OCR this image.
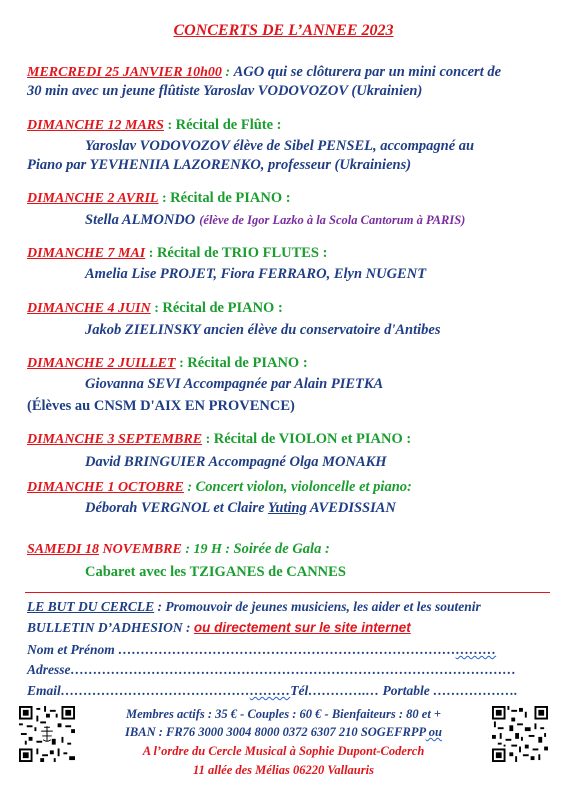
CONCERTS DE L’ANNEE 2023
MERCREDI 25 JANVIER 10h00 : AGO qui se clôturera par un mini concert de
30 min avec un jeune flûtiste Yaroslav VODOVOZOV (Ukrainien)
DIMANCHE 12 MARS : Récital de Flûte :
Yaroslav VODOVOZOV élève de Sibel PENSEL, accompagné au
Piano par YEVHENIIA LAZORENKO, professeur (Ukrainiens)
DIMANCHE 2 AVRIL : Récital de PIANO :
Stella ALMONDO (élève de Igor Lazko à la Scola Cantorum à PARIS)
DIMANCHE 7 MAI : Récital de TRIO FLUTES :
Amelia Lise PROJET, Fiora FERRARO, Elyn NUGENT
DIMANCHE 4 JUIN : Récital de PIANO :
Jakob ZIELINSKY ancien élève du conservatoire d'Antibes
DIMANCHE 2 JUILLET : Récital de PIANO :
Giovanna SEVI Accompagnée par Alain PIETKA
(Élèves au CNSM D'AIX EN PROVENCE)
DIMANCHE 3 SEPTEMBRE : Récital de VIOLON et PIANO :
David BRINGUIER Accompagné Olga MONAKH
DIMANCHE 1 OCTOBRE : Concert violon, violoncelle et piano:
Déborah VERGNOL et Claire Yuting AVEDISSIAN
SAMEDI 18 NOVEMBRE : 19 H : Soirée de Gala :
Cabaret avec les TZIGANES de CANNES
LE BUT DU CERCLE : Promouvoir de jeunes musiciens, les aider et les soutenir
BULLETIN D’ADHESION : ou directement sur le site internet
Nom et Prénom …………………………………………………………………………
Adresse………………………………………………………………………………………
Email……………………………………………Tél………….… Portable ……………….
Membres actifs : 35 € - Couples : 60 € - Bienfaiteurs : 80 et +
IBAN : FR76 3000 3004 8000 0372 6307 210 SOGEFRPP ou
A l’ordre du Cercle Musical à Sophie Dupont-Coderch
11 allée des Mélias 06220 Vallauris
